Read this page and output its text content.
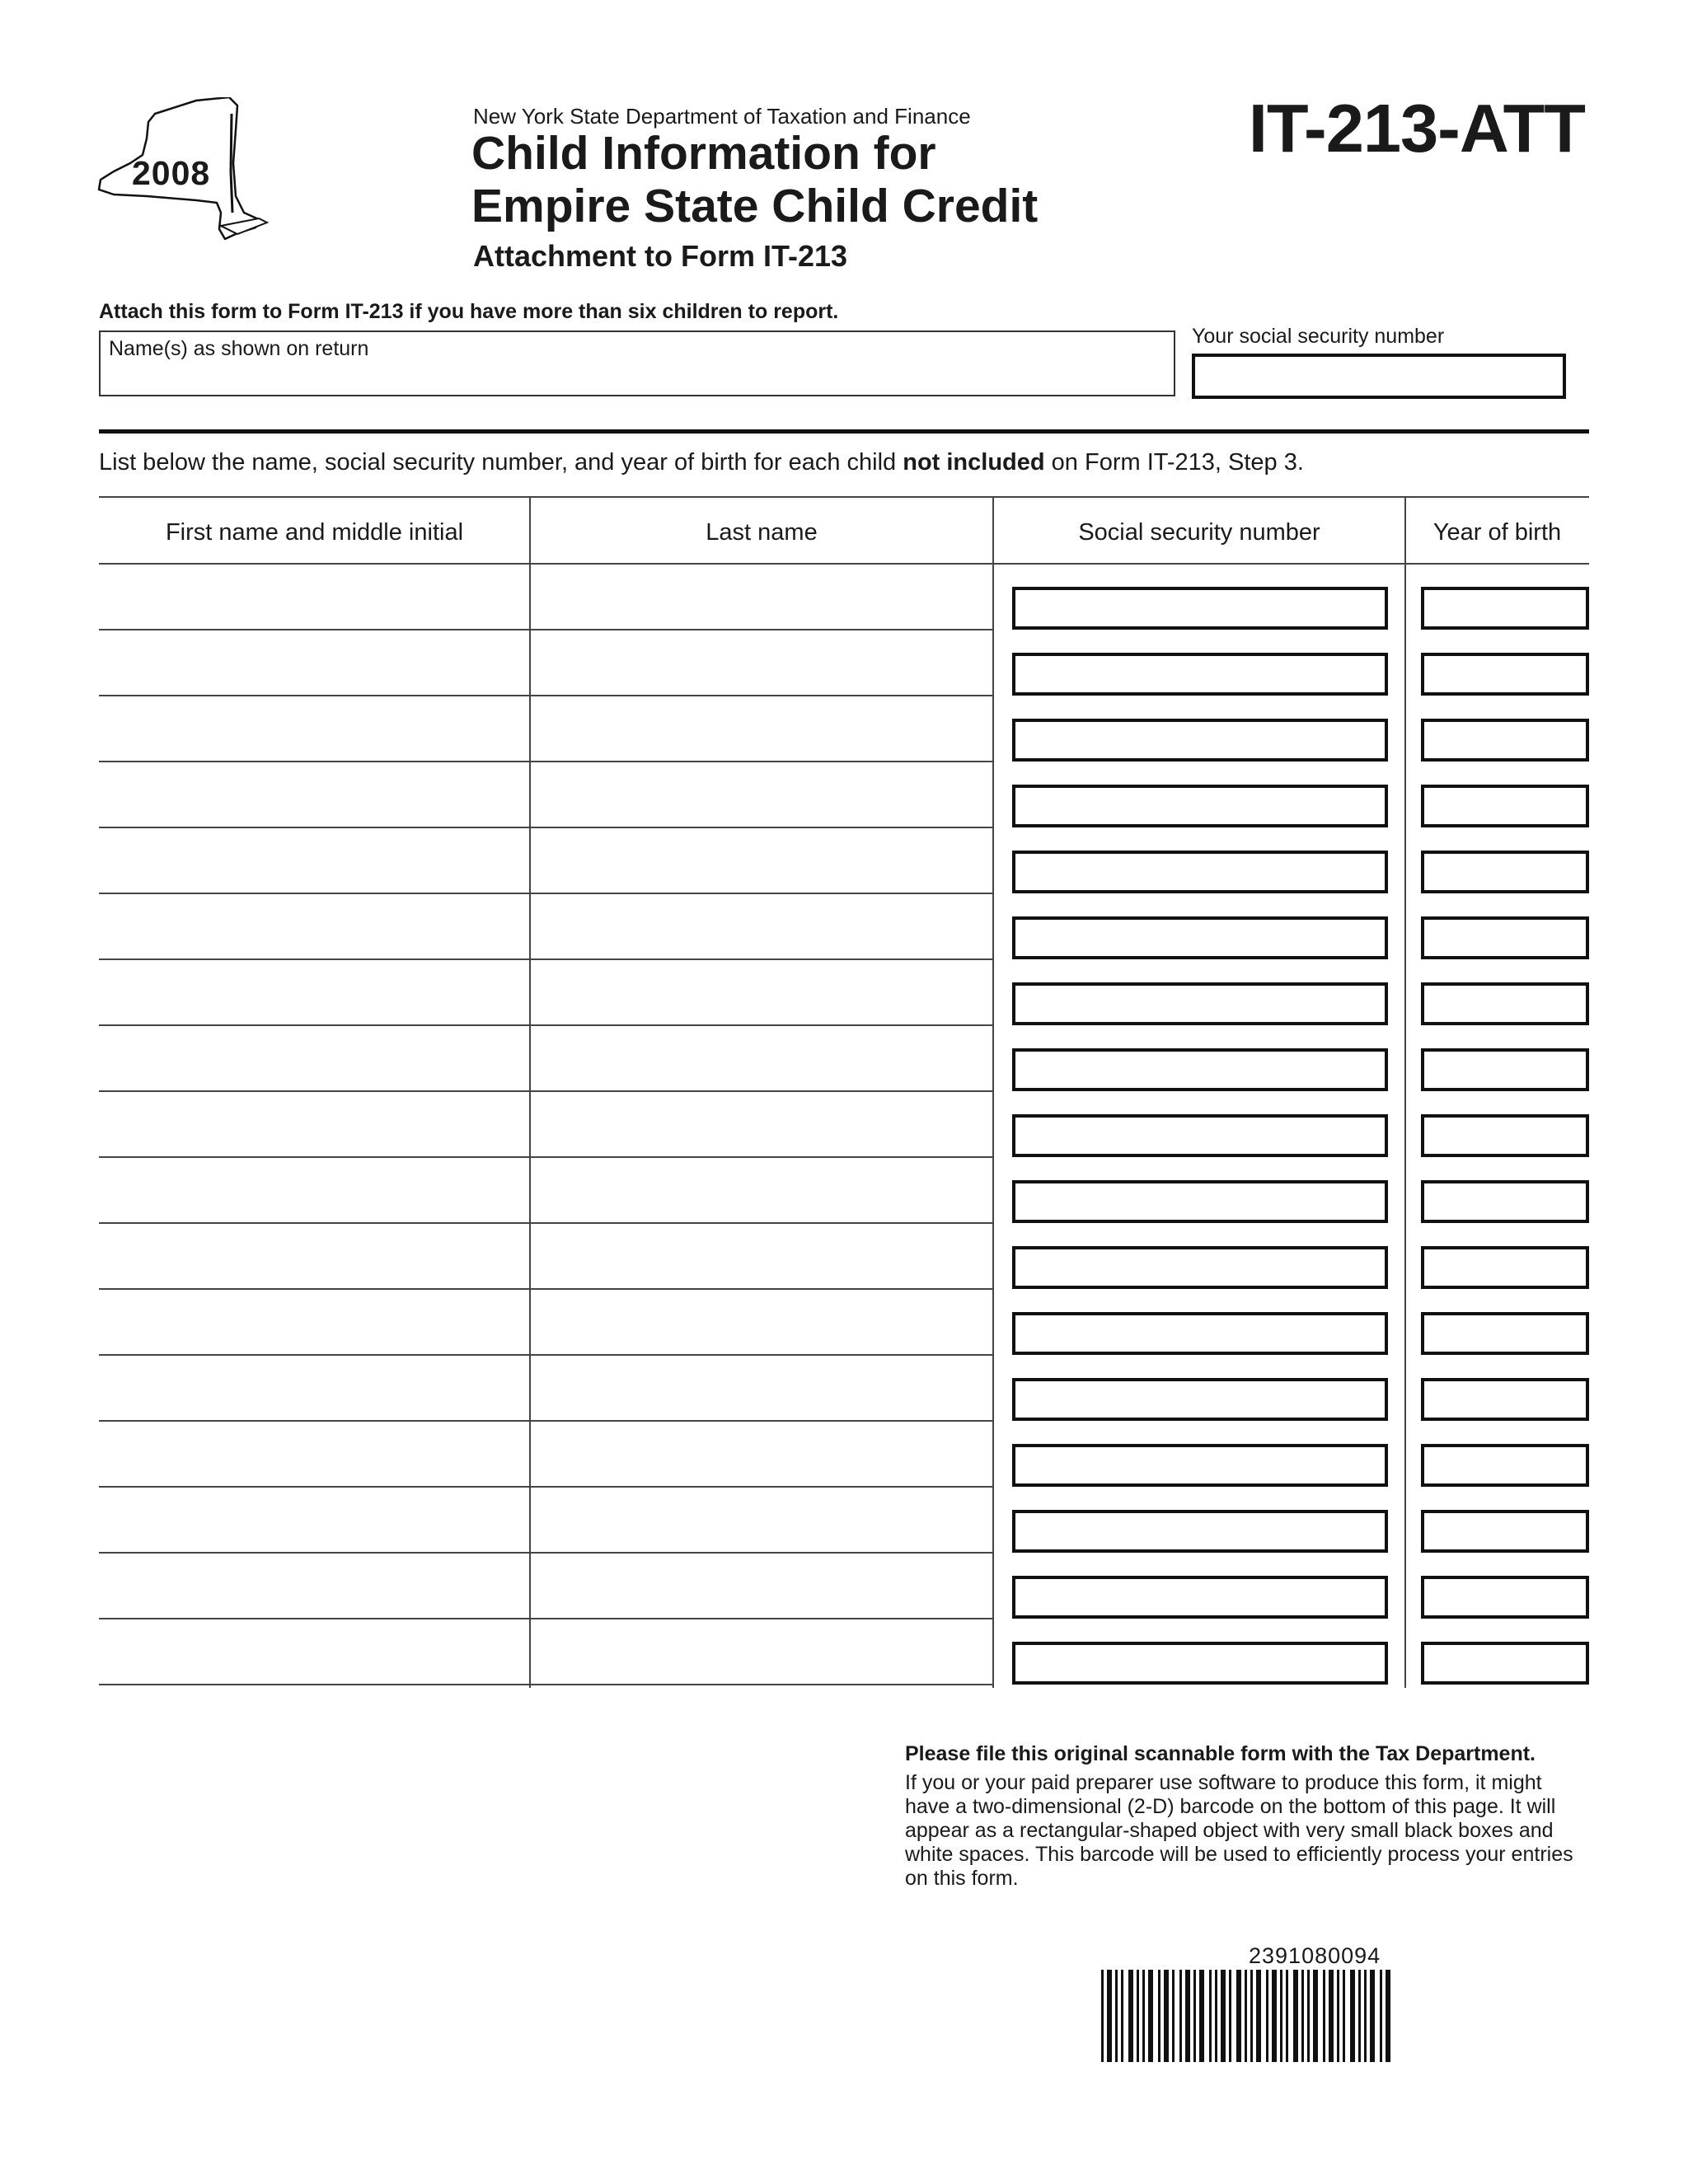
2008
New York State Department of Taxation and Finance
Child Information for
Empire State Child Credit
Attachment to Form IT-213
IT-213-ATT
Attach this form to Form IT-213 if you have more than six children to report.
Name(s) as shown on return
Your social security number
List below the name, social security number, and year of birth for each child not included on Form IT-213, Step 3.
First name and middle initial	Last name	Social security number	Year of birth
Please file this original scannable form with the Tax Department.
If you or your paid preparer use software to produce this form, it might have a two-dimensional (2-D) barcode on the bottom of this page. It will appear as a rectangular-shaped object with very small black boxes and white spaces. This barcode will be used to efficiently process your entries on this form.
2391080094
